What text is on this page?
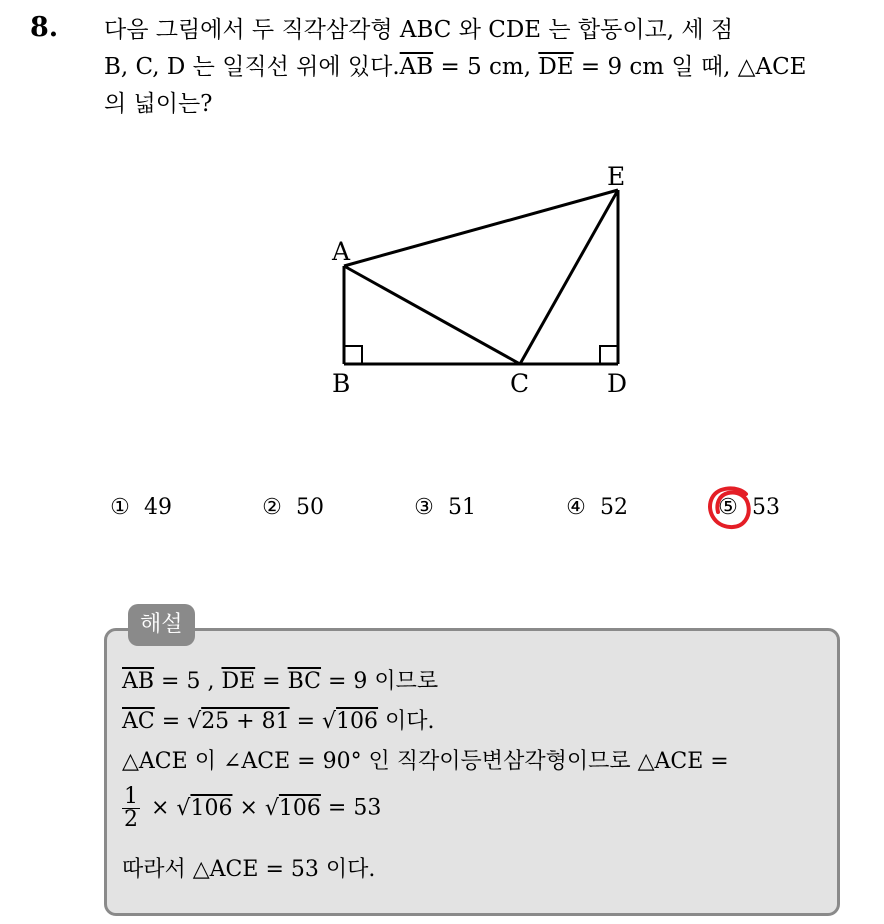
8. 다음 그림에서 두 직각삼각형 ABC 와 CDE 는 합동이고, 세 점
B, C, D 는 일직선 위에 있다$.\overline{AB} = 5$ cm, $\overline{DE} = 9$ cm 일 때, △ACE
의 넓이는?
A
B	C	D
E
① 49	② 50	③ 51	④ 52	⑤ 53
해설
$\overline{AB} = 5$ , $\overline{DE} = \overline{BC} = 9$ 이므로
$\overline{AC} = √25 + 81 = √106$ 이다.
△ACE 이 ∠ACE = 90° 인 직각이등변삼각형이므로 △ACE =
$\frac{1}{2} \times √106 \times √106 = 53$
따라서 △ACE = 53 이다.
